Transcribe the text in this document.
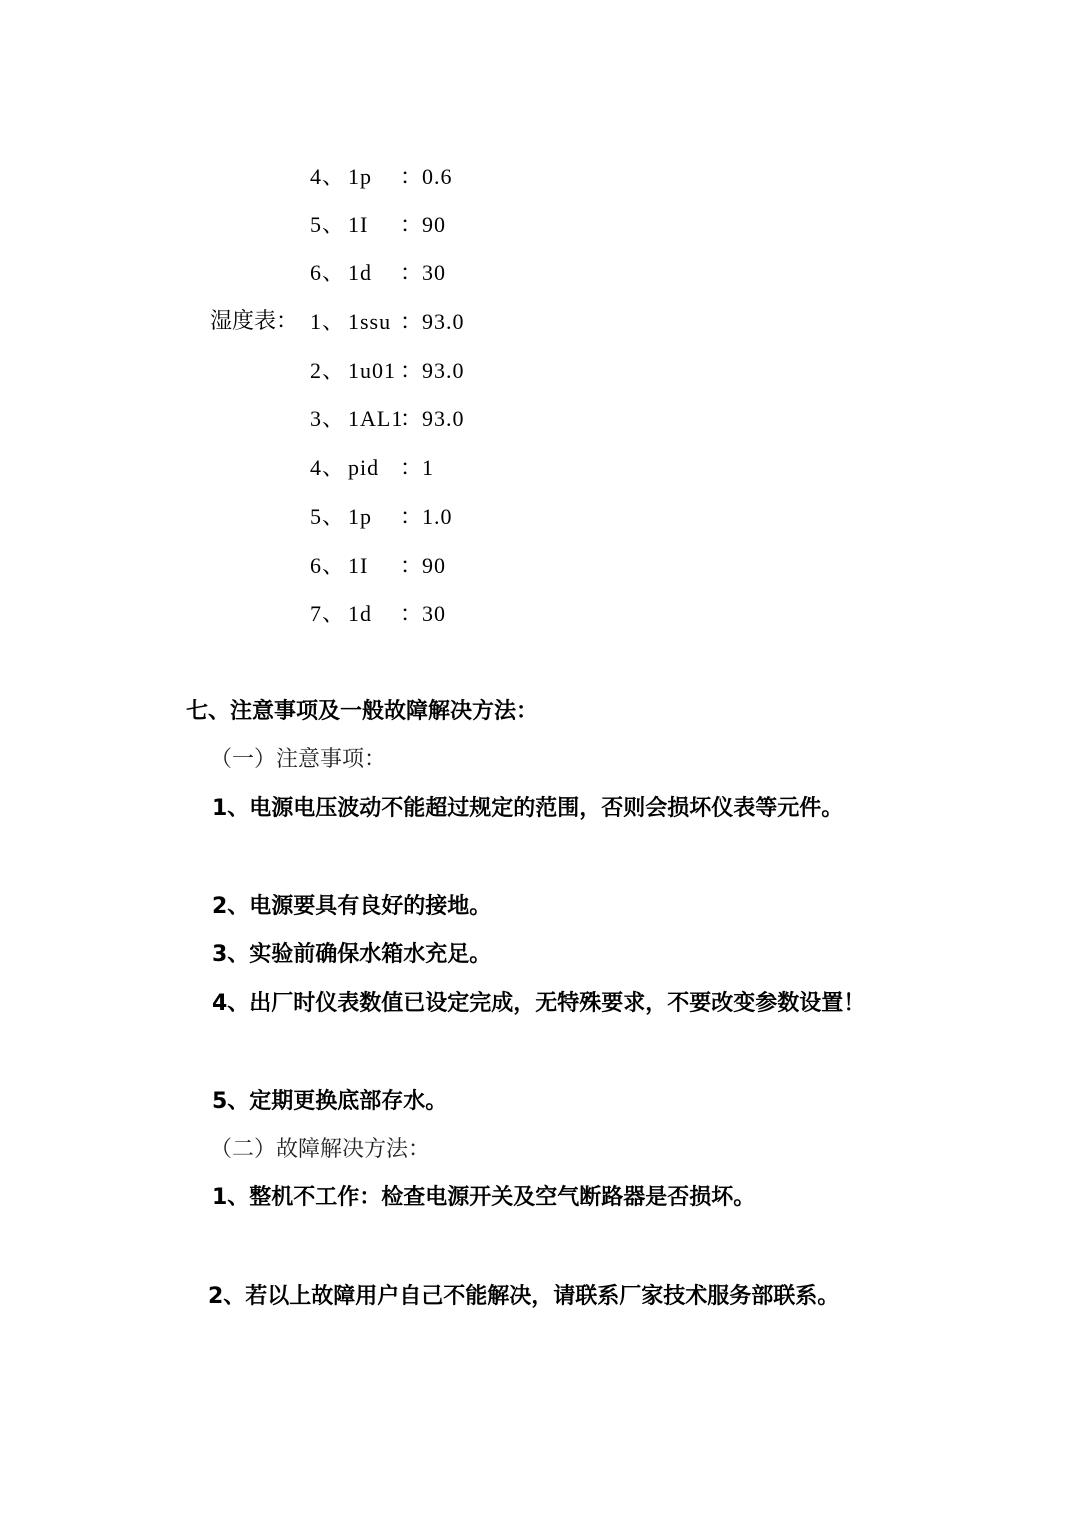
4、 1p ：0.6
5、 1I ：90
6、 1d ：30
湿度表： 1、 1ssu ：93.0
2、 1u01 ：93.0
3、 1AL1：93.0
4、 pid ：1
5、 1p ：1.0
6、 1I ：90
7、 1d ：30
七、注意事项及一般故障解决方法：
（一）注意事项：
1、电源电压波动不能超过规定的范围，否则会损坏仪表等元件。
2、电源要具有良好的接地。
3、实验前确保水箱水充足。
4、出厂时仪表数值已设定完成，无特殊要求，不要改变参数设置！
5、定期更换底部存水。
（二）故障解决方法：
1、整机不工作：检查电源开关及空气断路器是否损坏。
2、若以上故障用户自己不能解决，请联系厂家技术服务部联系。
